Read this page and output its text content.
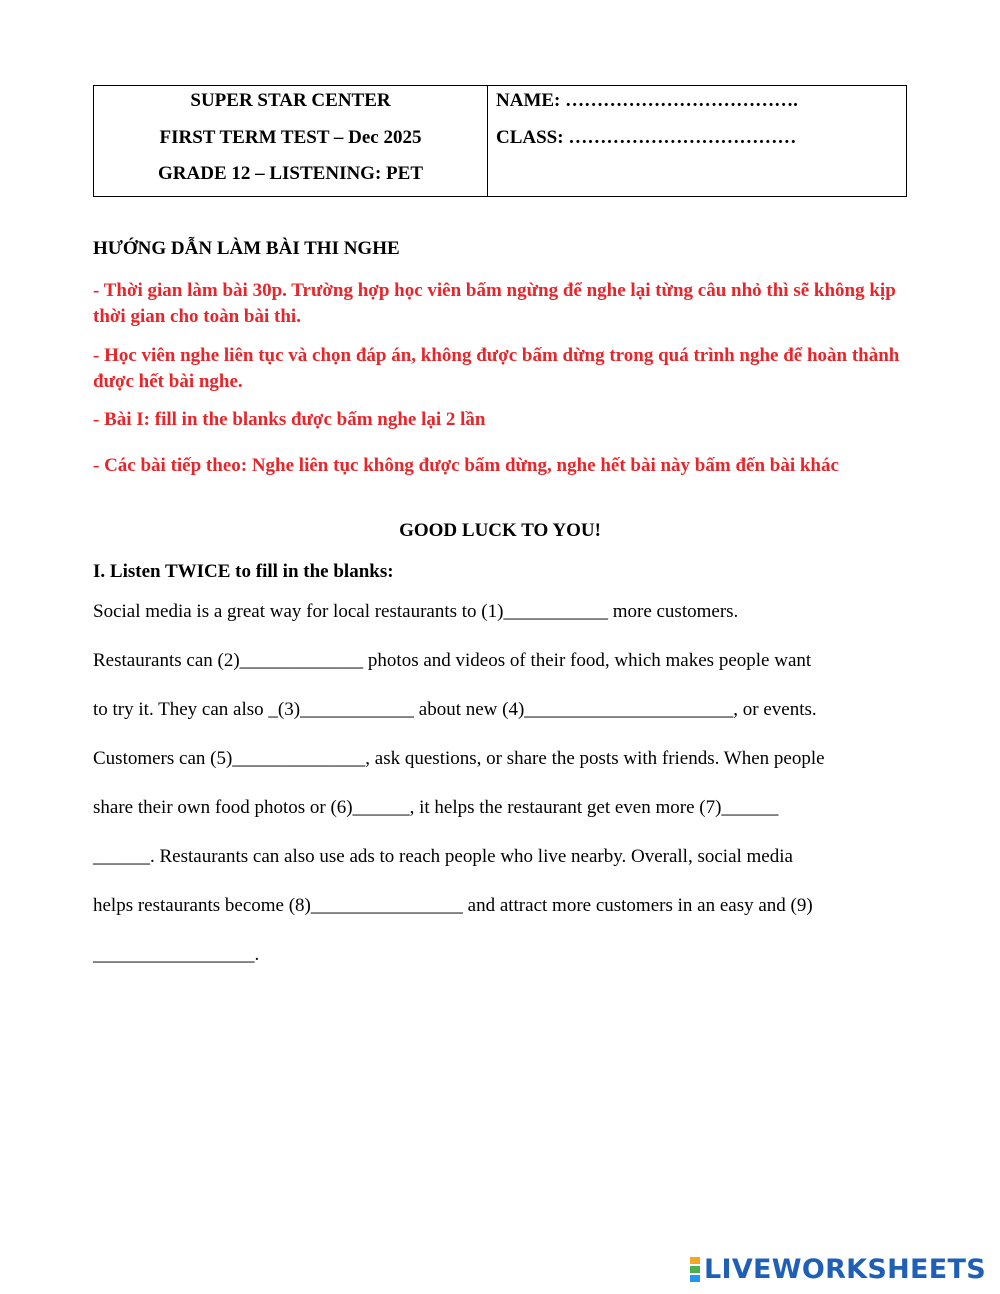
SUPER STAR CENTER
FIRST TERM TEST – Dec 2025
GRADE 12 – LISTENING: PET
NAME: ……………………………….
CLASS: ………………………………
HƯỚNG DẪN LÀM BÀI THI NGHE
- Thời gian làm bài 30p. Trường hợp học viên bấm ngừng để nghe lại từng câu nhỏ thì sẽ không kịp thời gian cho toàn bài thi.
- Học viên nghe liên tục và chọn đáp án, không được bấm dừng trong quá trình nghe để hoàn thành được hết bài nghe.
- Bài I: fill in the blanks được bấm nghe lại 2 lần
- Các bài tiếp theo: Nghe liên tục không được bấm dừng, nghe hết bài này bấm đến bài khác
GOOD LUCK TO YOU!
I. Listen TWICE to fill in the blanks:
Social media is a great way for local restaurants to (1)___________ more customers.
Restaurants can (2)_____________ photos and videos of their food, which makes people want
to try it. They can also _(3)____________ about new (4)______________________, or events.
Customers can (5)______________, ask questions, or share the posts with friends. When people
share their own food photos or (6)______, it helps the restaurant get even more (7)______
______. Restaurants can also use ads to reach people who live nearby. Overall, social media
helps restaurants become (8)________________ and attract more customers in an easy and (9)
_________________.
LIVEWORKSHEETS
